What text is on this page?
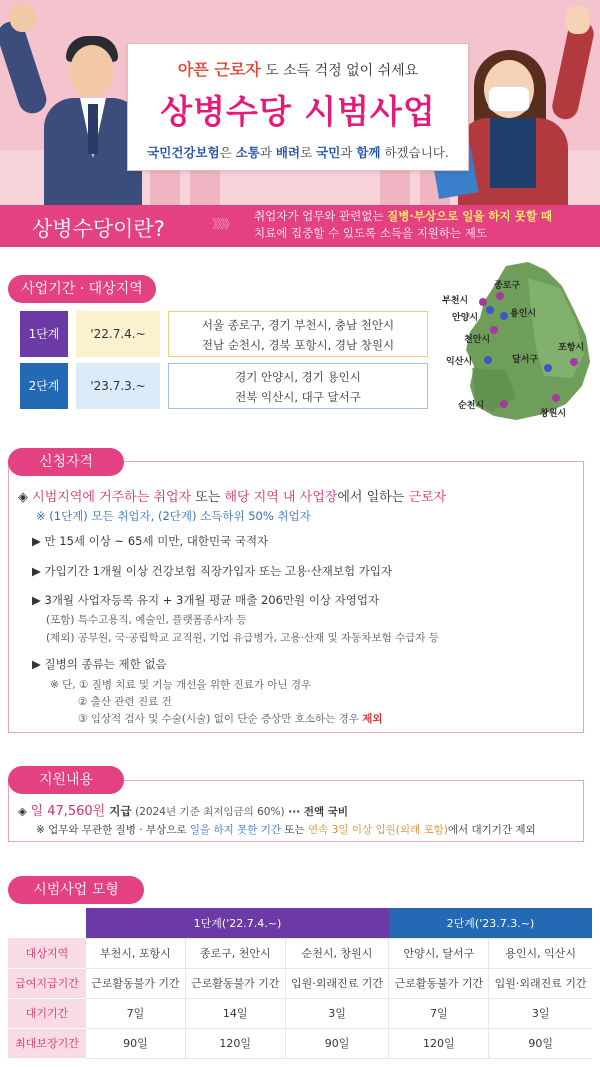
아픈 근로자 도 소득 걱정 없이 쉬세요
상병수당 시범사업
국민건강보험은 소통과 배려로 국민과 함께 하겠습니다.
상병수당이란?	》》》》
취업자가 업무와 관련없는 질병·부상으로 일을 하지 못할 때
치료에 집중할 수 있도록 소득을 지원하는 제도
사업기간 · 대상지역
1단계	'22.7.4.~
서울 종로구, 경기 부천시, 충남 천안시
전남 순천시, 경북 포항시, 경남 창원시
2단계	'23.7.3.~
경기 안양시, 경기 용인시
전북 익산시, 대구 달서구
부천시
종로구
안양시	용인시
천안시
포항시
익산시	달서구
순천시
창원시
신청자격
◈ 시범지역에 거주하는 취업자 또는 해당 지역 내 사업장에서 일하는 근로자
※ (1단계) 모든 취업자, (2단계) 소득하위 50% 취업자
▶ 만 15세 이상 ~ 65세 미만, 대한민국 국적자
▶ 가입기간 1개월 이상 건강보험 직장가입자 또는 고용·산재보험 가입자
▶ 3개월 사업자등록 유지 + 3개월 평균 매출 206만원 이상 자영업자
(포함) 특수고용직, 예술인, 플랫폼종사자 등
(제외) 공무원, 국·공립학교 교직원, 기업 유급병가, 고용·산재 및 자동차보험 수급자 등
▶ 질병의 종류는 제한 없음
※ 단, ① 질병 치료 및 기능 개선을 위한 진료가 아닌 경우
② 출산 관련 진료 건
③ 임상적 검사 및 수술(시술) 없이 단순 증상만 호소하는 경우 제외
지원내용
◈ 일 47,560원 지급 (2024년 기준 최저임금의 60%) ··· 전액 국비
※ 업무와 무관한 질병 · 부상으로 일을 하지 못한 기간 또는 연속 3일 이상 입원(외래 포함)에서 대기기간 제외
시범사업 모형
	1단계('22.7.4.~)			2단계('23.7.3.~)	
대상지역	부천시, 포항시	종로구, 천안시	순천시, 창원시	안양시, 달서구	용인시, 익산시
급여지급기간	근로활동불가 기간	근로활동불가 기간	입원·외래진료 기간	근로활동불가 기간	입원·외래진료 기간
대기기간	7일	14일	3일	7일	3일
최대보장기간	90일	120일	90일	120일	90일
